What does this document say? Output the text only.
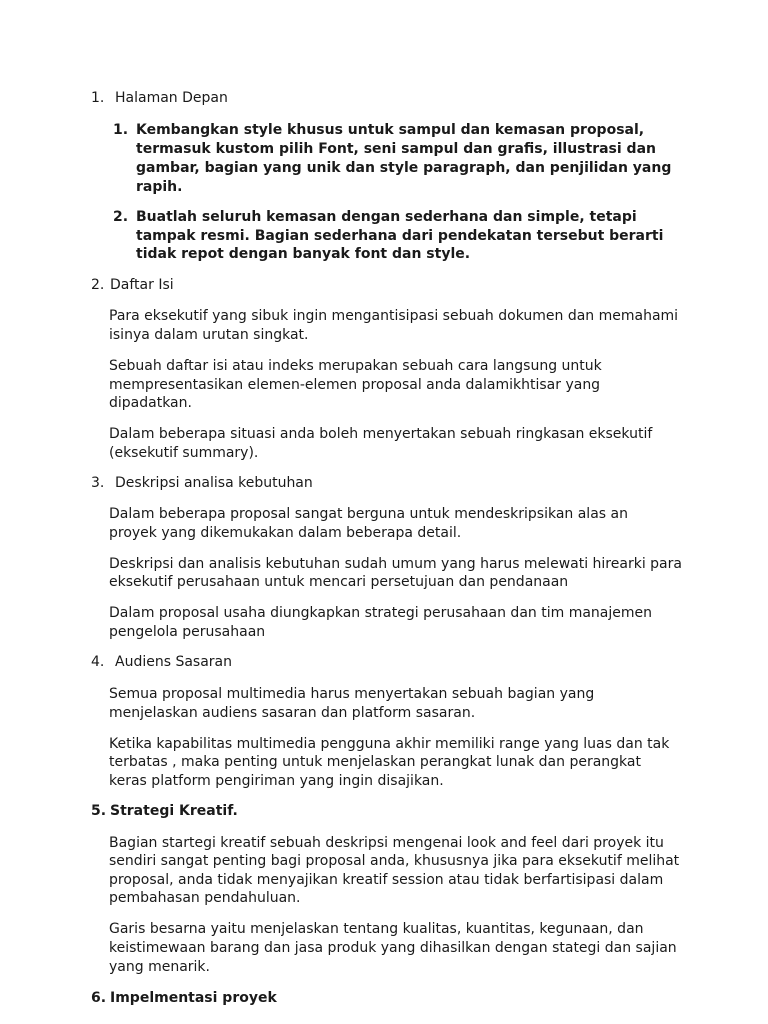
1. Halaman Depan
1. Kembangkan style khusus untuk sampul dan kemasan proposal,
termasuk kustom pilih Font, seni sampul dan grafis, illustrasi dan
gambar, bagian yang unik dan style paragraph, dan penjilidan yang
rapih.
2. Buatlah seluruh kemasan dengan sederhana dan simple, tetapi
tampak resmi. Bagian sederhana dari pendekatan tersebut berarti
tidak repot dengan banyak font dan style.
2. Daftar Isi
Para eksekutif yang sibuk ingin mengantisipasi sebuah dokumen dan memahami
isinya dalam urutan singkat.
Sebuah daftar isi atau indeks merupakan sebuah cara langsung untuk
mempresentasikan elemen-elemen proposal anda dalamikhtisar yang
dipadatkan.
Dalam beberapa situasi anda boleh menyertakan sebuah ringkasan eksekutif
(eksekutif summary).
3. Deskripsi analisa kebutuhan
Dalam beberapa proposal sangat berguna untuk mendeskripsikan alas an
proyek yang dikemukakan dalam beberapa detail.
Deskripsi dan analisis kebutuhan sudah umum yang harus melewati hirearki para
eksekutif perusahaan untuk mencari persetujuan dan pendanaan
Dalam proposal usaha diungkapkan strategi perusahaan dan tim manajemen
pengelola perusahaan
4. Audiens Sasaran
Semua proposal multimedia harus menyertakan sebuah bagian yang
menjelaskan audiens sasaran dan platform sasaran.
Ketika kapabilitas multimedia pengguna akhir memiliki range yang luas dan tak
terbatas , maka penting untuk menjelaskan perangkat lunak dan perangkat
keras platform pengiriman yang ingin disajikan.
5. Strategi Kreatif.
Bagian startegi kreatif sebuah deskripsi mengenai look and feel dari proyek itu
sendiri sangat penting bagi proposal anda, khususnya jika para eksekutif melihat
proposal, anda tidak menyajikan kreatif session atau tidak berfartisipasi dalam
pembahasan pendahuluan.
Garis besarna yaitu menjelaskan tentang kualitas, kuantitas, kegunaan, dan
keistimewaan barang dan jasa produk yang dihasilkan dengan stategi dan sajian
yang menarik.
6. Impelmentasi proyek
